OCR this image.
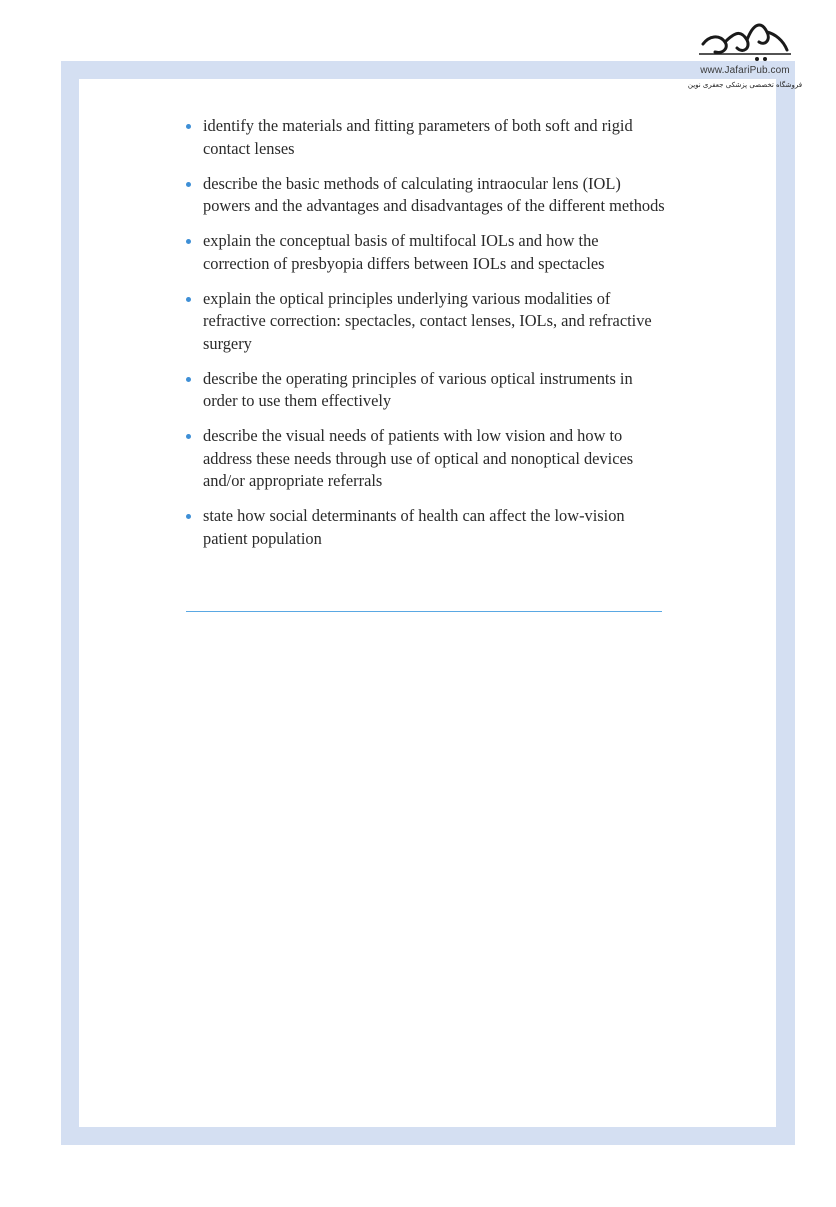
www.JafariPub.com
فروشگاه تخصصی پزشکی جعفری نوین
identify the materials and fitting parameters of both soft and rigid contact lenses
describe the basic methods of calculating intraocular lens (IOL) powers and the advantages and disadvantages of the different methods
explain the conceptual basis of multifocal IOLs and how the correction of presbyopia differs between IOLs and spectacles
explain the optical principles underlying various modalities of refractive correction: spectacles, contact lenses, IOLs, and refractive surgery
describe the operating principles of various optical instruments in order to use them effectively
describe the visual needs of patients with low vision and how to address these needs through use of optical and nonoptical devices and/or appropriate referrals
state how social determinants of health can affect the low-vision patient population
